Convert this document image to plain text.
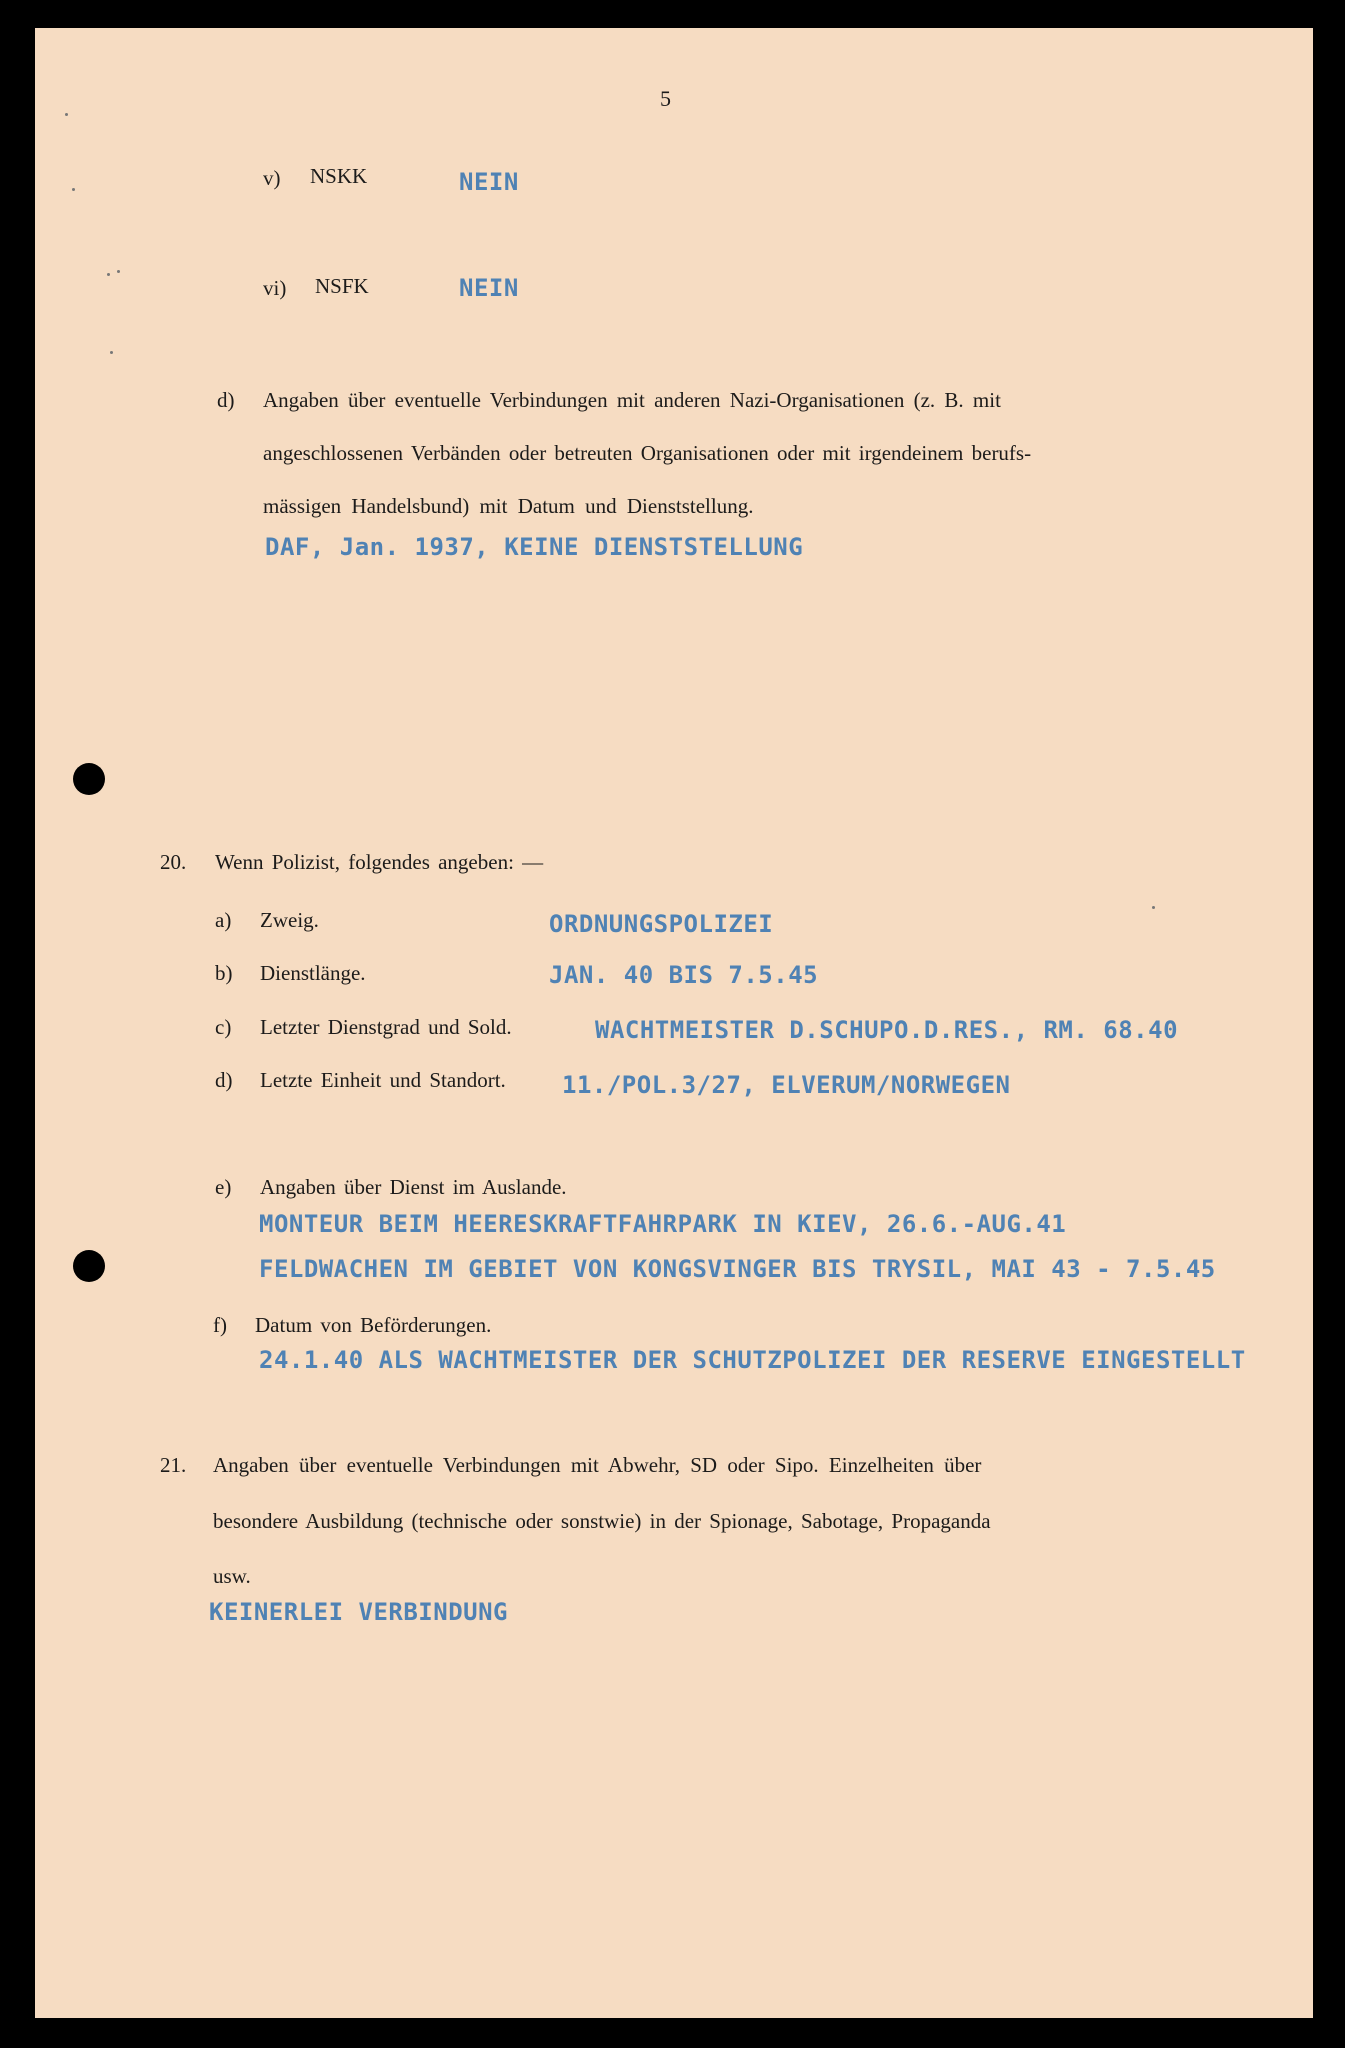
5
v) NSKK	NEIN
vi) NSFK	NEIN
d) Angaben über eventuelle Verbindungen mit anderen Nazi-Organisationen (z. B. mit
angeschlossenen Verbänden oder betreuten Organisationen oder mit irgendeinem berufs-
mässigen Handelsbund) mit Datum und Dienststellung.
DAF, Jan. 1937, KEINE DIENSTSTELLUNG
20. Wenn Polizist, folgendes angeben: —
a) Zweig.	ORDNUNGSPOLIZEI
b) Dienstlänge.	JAN. 40 BIS 7.5.45
c) Letzter Dienstgrad und Sold.	WACHTMEISTER D.SCHUPO.D.RES., RM. 68.40
d) Letzte Einheit und Standort. 11./POL.3/27, ELVERUM/NORWEGEN
e) Angaben über Dienst im Auslande.
MONTEUR BEIM HEERESKRAFTFAHRPARK IN KIEV, 26.6.-AUG.41
FELDWACHEN IM GEBIET VON KONGSVINGER BIS TRYSIL, MAI 43 - 7.5.45
f) Datum von Beförderungen.
24.1.40 ALS WACHTMEISTER DER SCHUTZPOLIZEI DER RESERVE EINGESTELLT
21. Angaben über eventuelle Verbindungen mit Abwehr, SD oder Sipo. Einzelheiten über
besondere Ausbildung (technische oder sonstwie) in der Spionage, Sabotage, Propaganda
usw.
KEINERLEI VERBINDUNG
